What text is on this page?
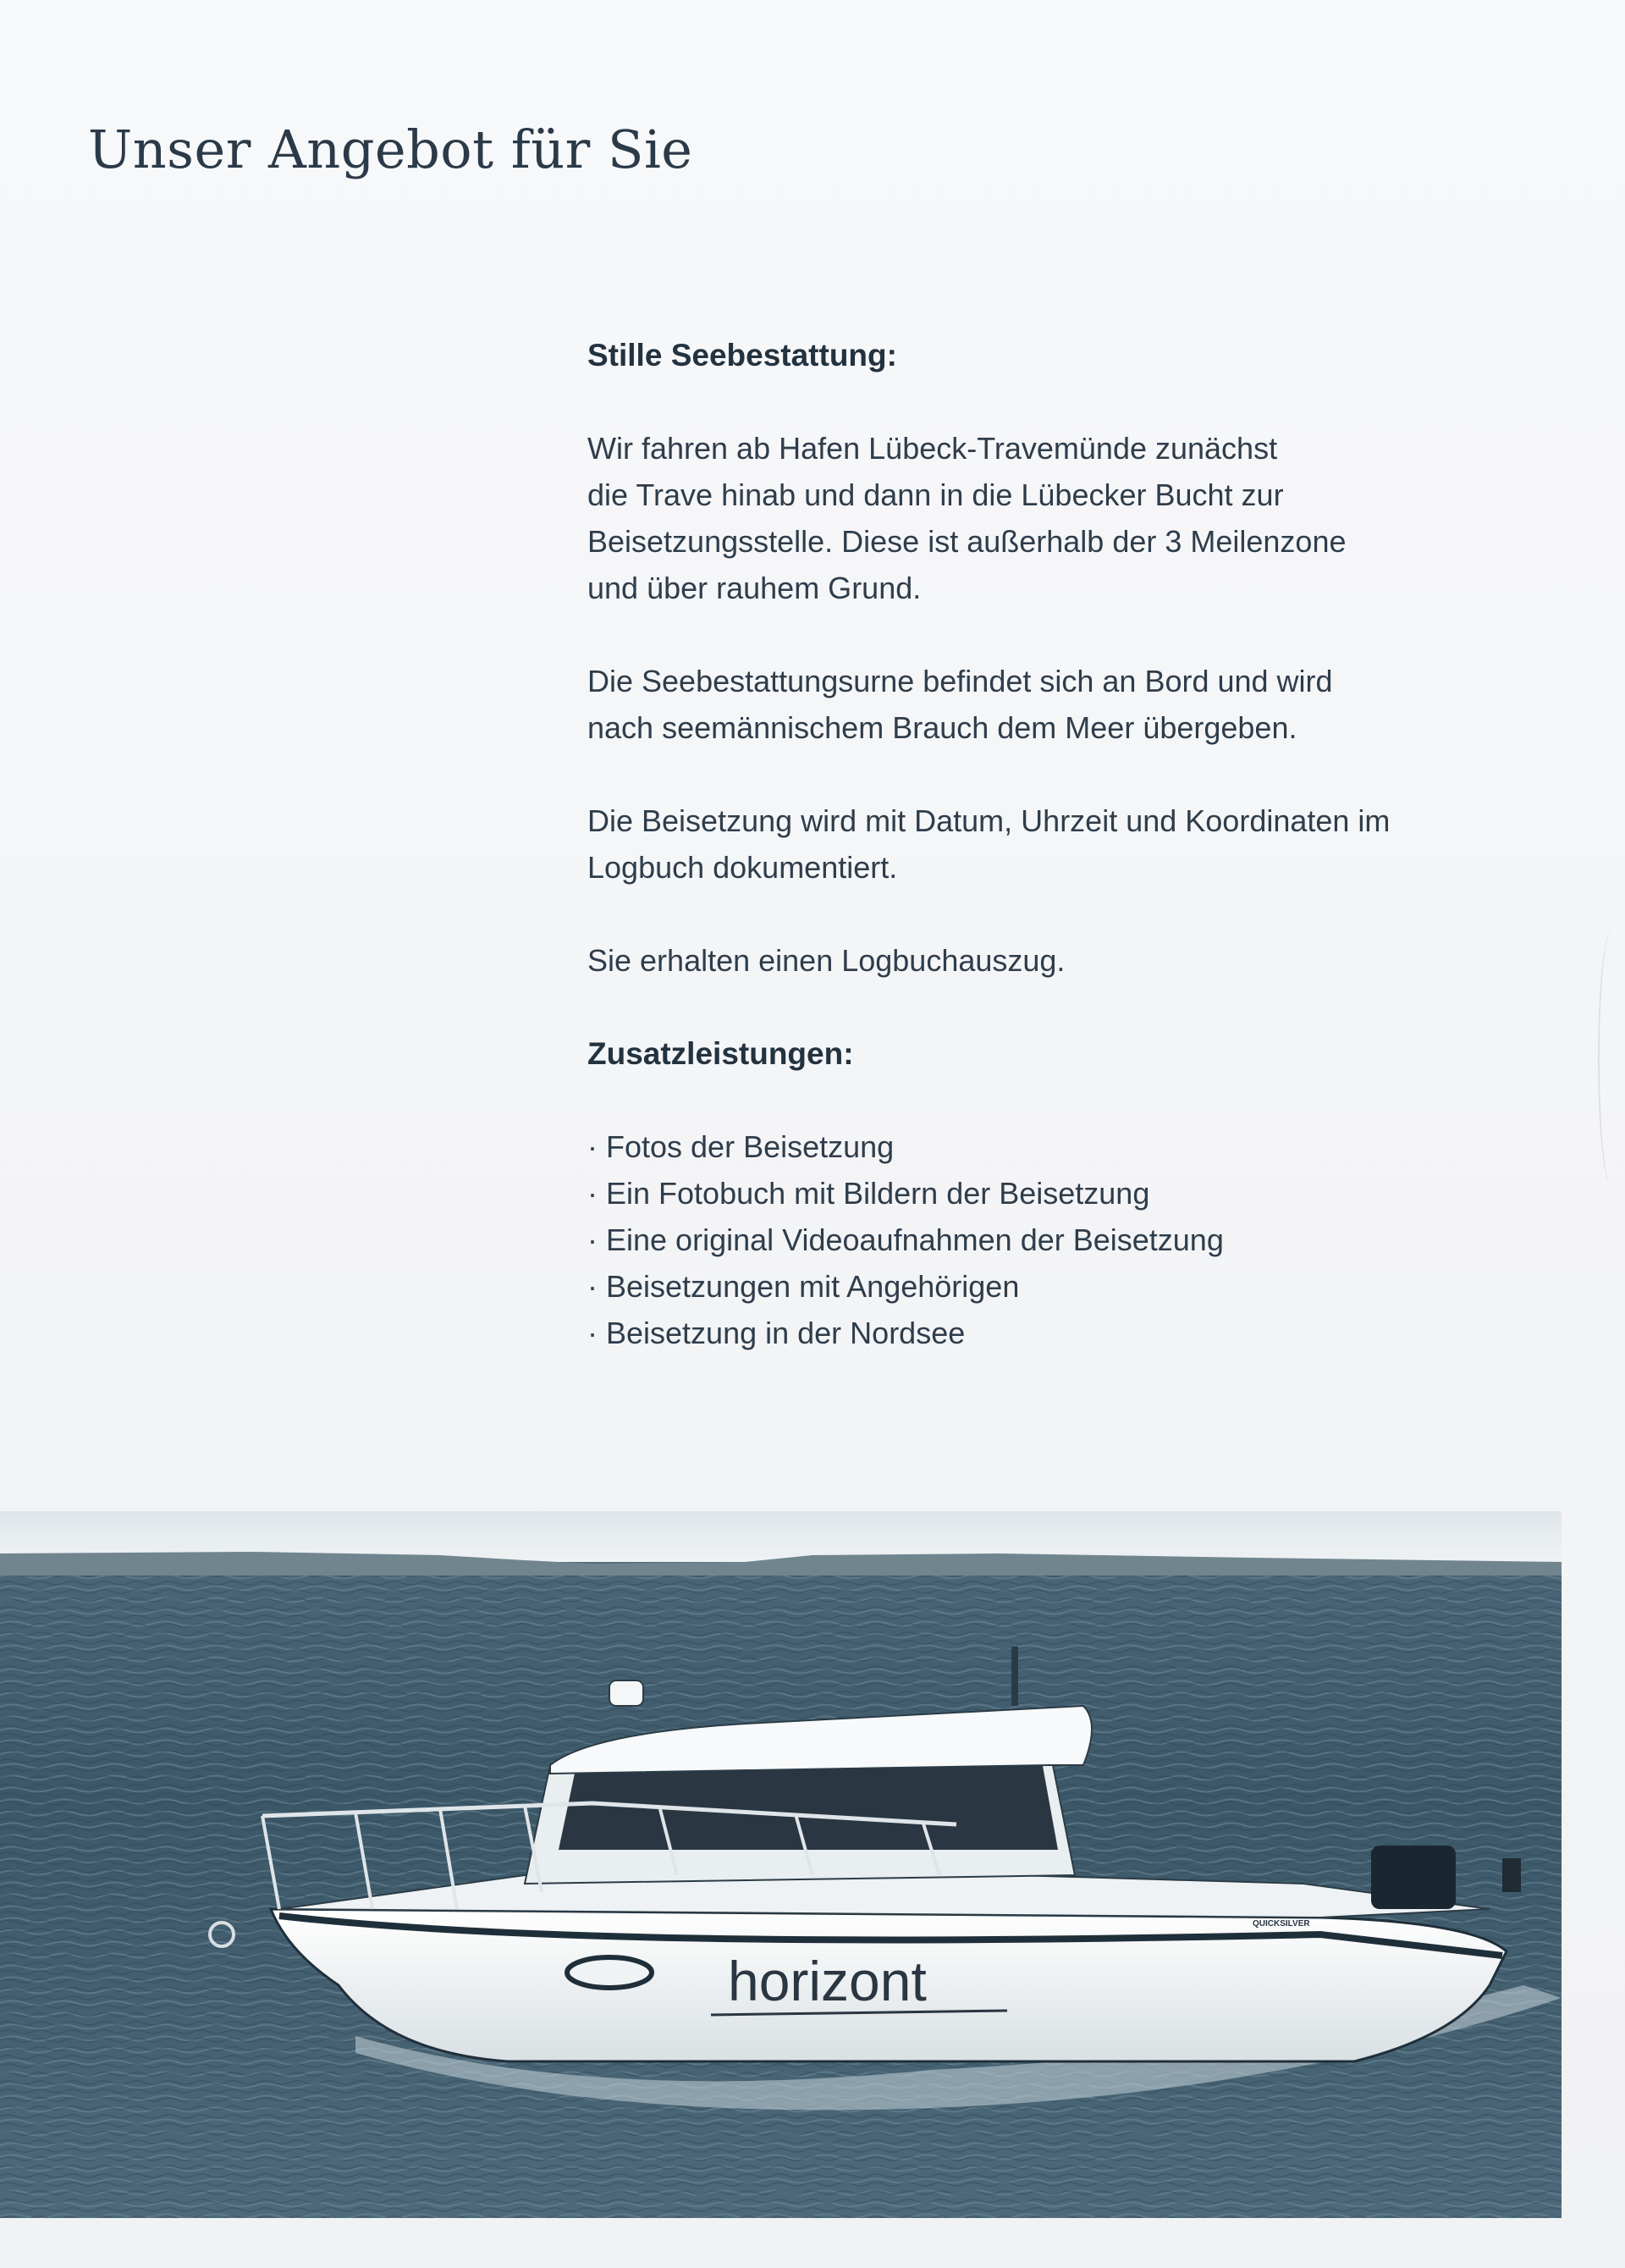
Unser Angebot für Sie
Stille Seebestattung:

Wir fahren ab Hafen Lübeck-Travemünde zunächst
die Trave hinab und dann in die Lübecker Bucht zur
Beisetzungsstelle. Diese ist außerhalb der 3 Meilenzone
und über rauhem Grund.

Die Seebestattungsurne befindet sich an Bord und wird
nach seemännischem Brauch dem Meer übergeben.

Die Beisetzung wird mit Datum, Uhrzeit und Koordinaten im
Logbuch dokumentiert.

Sie erhalten einen Logbuchauszug.

Zusatzleistungen:
· Fotos der Beisetzung
· Ein Fotobuch mit Bildern der Beisetzung
· Eine original Videoaufnahmen der Beisetzung
· Beisetzungen mit Angehörigen
· Beisetzung in der Nordsee
horizont
QUICKSILVER
